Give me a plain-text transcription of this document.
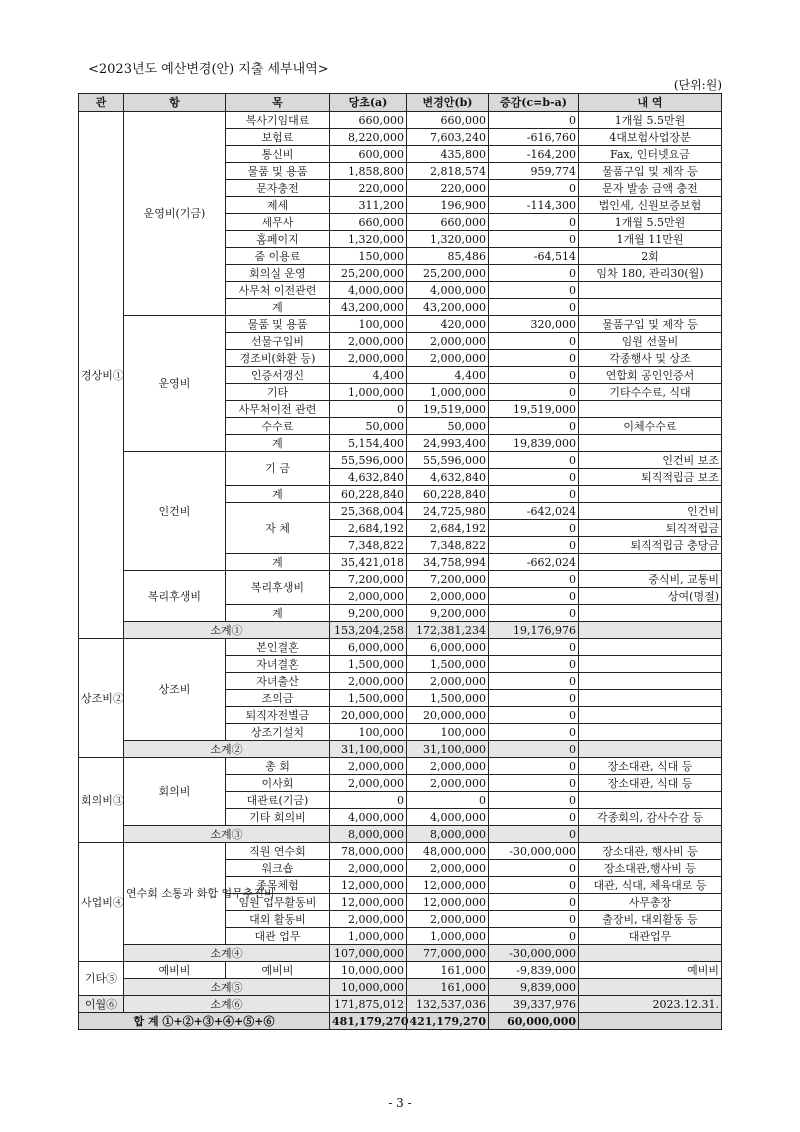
<2023년도 예산변경(안) 지출 세부내역>
(단위:원)
관	항	목	당초(a)	변경안(b)	증감(c=b-a)	내 역
경상비①	운영비(기금)	복사기임대료	660,000	660,000	0	1개월 5.5만원
		보험료	8,220,000	7,603,240	-616,760	4대보험사업장분
		통신비	600,000	435,800	-164,200	Fax, 인터넷요금
		물품 및 용품	1,858,800	2,818,574	959,774	물품구입 및 제작 등
		문자충전	220,000	220,000	0	문자 발송 금액 충전
		제세	311,200	196,900	-114,300	법인세, 신원보증보험
		세무사	660,000	660,000	0	1개월 5.5만원
		홈페이지	1,320,000	1,320,000	0	1개월 11만원
		줌 이용료	150,000	85,486	-64,514	2회
		회의실 운영	25,200,000	25,200,000	0	임차 180, 관리30(월)
		사무처 이전관련	4,000,000	4,000,000	0	
		계	43,200,000	43,200,000	0	
	운영비	물품 및 용품	100,000	420,000	320,000	물품구입 및 제작 등
		선물구입비	2,000,000	2,000,000	0	임원 선물비
		경조비(화환 등)	2,000,000	2,000,000	0	각종행사 및 상조
		인증서갱신	4,400	4,400	0	연합회 공인인증서
		기타	1,000,000	1,000,000	0	기타수수료, 식대
		사무처이전 관련	0	19,519,000	19,519,000	
		수수료	50,000	50,000	0	이체수수료
		계	5,154,400	24,993,400	19,839,000	
	인건비	기 금	55,596,000	55,596,000	0	인건비 보조
			4,632,840	4,632,840	0	퇴직적립금 보조
		계	60,228,840	60,228,840	0	
		자 체	25,368,004	24,725,980	-642,024	인건비
			2,684,192	2,684,192	0	퇴직적립금
			7,348,822	7,348,822	0	퇴직적립금 충당금
		계	35,421,018	34,758,994	-662,024	
	복리후생비	복리후생비	7,200,000	7,200,000	0	중식비, 교통비
			2,000,000	2,000,000	0	상여(명절)
		계	9,200,000	9,200,000	0	
	소계①		153,204,258	172,381,234	19,176,976	
상조비②	상조비	본인결혼	6,000,000	6,000,000	0	
		자녀결혼	1,500,000	1,500,000	0	
		자녀출산	2,000,000	2,000,000	0	
		조의금	1,500,000	1,500,000	0	
		퇴직자전별금	20,000,000	20,000,000	0	
		상조기설치	100,000	100,000	0	
	소계②		31,100,000	31,100,000	0	
회의비③	회의비	총 회	2,000,000	2,000,000	0	장소대관, 식대 등
		이사회	2,000,000	2,000,000	0	장소대관, 식대 등
		대관료(기금)	0	0	0	
		기타 회의비	4,000,000	4,000,000	0	각종회의, 감사수감 등
	소계③		8,000,000	8,000,000	0	
사업비④	연수회 소통과 화합 업무추진비	직원 연수회	78,000,000	48,000,000	-30,000,000	장소대관, 행사비 등
		워크숍	2,000,000	2,000,000	0	장소대관,행사비 등
		종목체험	12,000,000	12,000,000	0	대관, 식대, 체육대로 등
		임원 업무활동비	12,000,000	12,000,000	0	사무총장
		대외 활동비	2,000,000	2,000,000	0	출장비, 대외활동 등
		대관 업무	1,000,000	1,000,000	0	대관업무
	소계④		107,000,000	77,000,000	-30,000,000	
기타⑤	예비비	예비비	10,000,000	161,000	-9,839,000	예비비
	소계⑤		10,000,000	161,000	9,839,000	
이월⑥	소계⑥		171,875,012	132,537,036	39,337,976	2023.12.31.
합 계 ①+②+③+④+⑤+⑥			481,179,270	421,179,270	60,000,000	
- 3 -
